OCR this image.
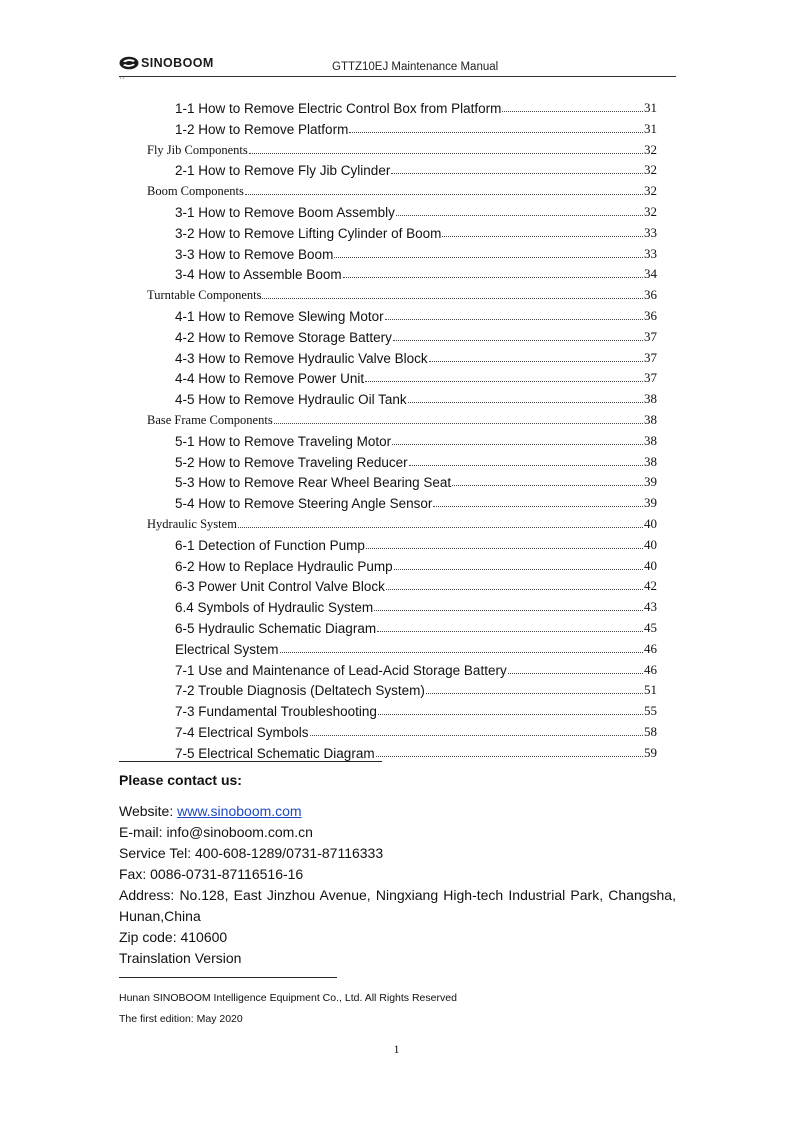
SINOBOOM	GTTZ10EJ Maintenance Manual
``
1-1 How to Remove Electric Control Box from Platform	31
1-2 How to Remove Platform	31
Fly Jib Components	32
2-1 How to Remove Fly Jib Cylinder	32
Boom Components	32
3-1 How to Remove Boom Assembly	32
3-2 How to Remove Lifting Cylinder of Boom	33
3-3 How to Remove Boom	33
3-4 How to Assemble Boom	34
Turntable Components	36
4-1 How to Remove Slewing Motor	36
4-2 How to Remove Storage Battery	37
4-3 How to Remove Hydraulic Valve Block	37
4-4 How to Remove Power Unit	37
4-5 How to Remove Hydraulic Oil Tank	38
Base Frame Components	38
5-1 How to Remove Traveling Motor	38
5-2 How to Remove Traveling Reducer	38
5-3 How to Remove Rear Wheel Bearing Seat	39
5-4 How to Remove Steering Angle Sensor	39
Hydraulic System	40
6-1 Detection of Function Pump	40
6-2 How to Replace Hydraulic Pump	40
6-3 Power Unit Control Valve Block	42
6.4 Symbols of Hydraulic System	43
6-5 Hydraulic Schematic Diagram	45
Electrical System	46
7-1 Use and Maintenance of Lead-Acid Storage Battery	46
7-2 Trouble Diagnosis (Deltatech System)	51
7-3 Fundamental Troubleshooting	55
7-4 Electrical Symbols	58
7-5 Electrical Schematic Diagram	59
Please contact us:
Website: www.sinoboom.com
E-mail: info@sinoboom.com.cn
Service Tel: 400-608-1289/0731-87116333
Fax: 0086-0731-87116516-16
Address: No.128, East Jinzhou Avenue, Ningxiang High-tech Industrial Park, Changsha,
Hunan,China
Zip code: 410600
Trainslation Version
Hunan SINOBOOM Intelligence Equipment Co., Ltd. All Rights Reserved
The first edition: May 2020
1
